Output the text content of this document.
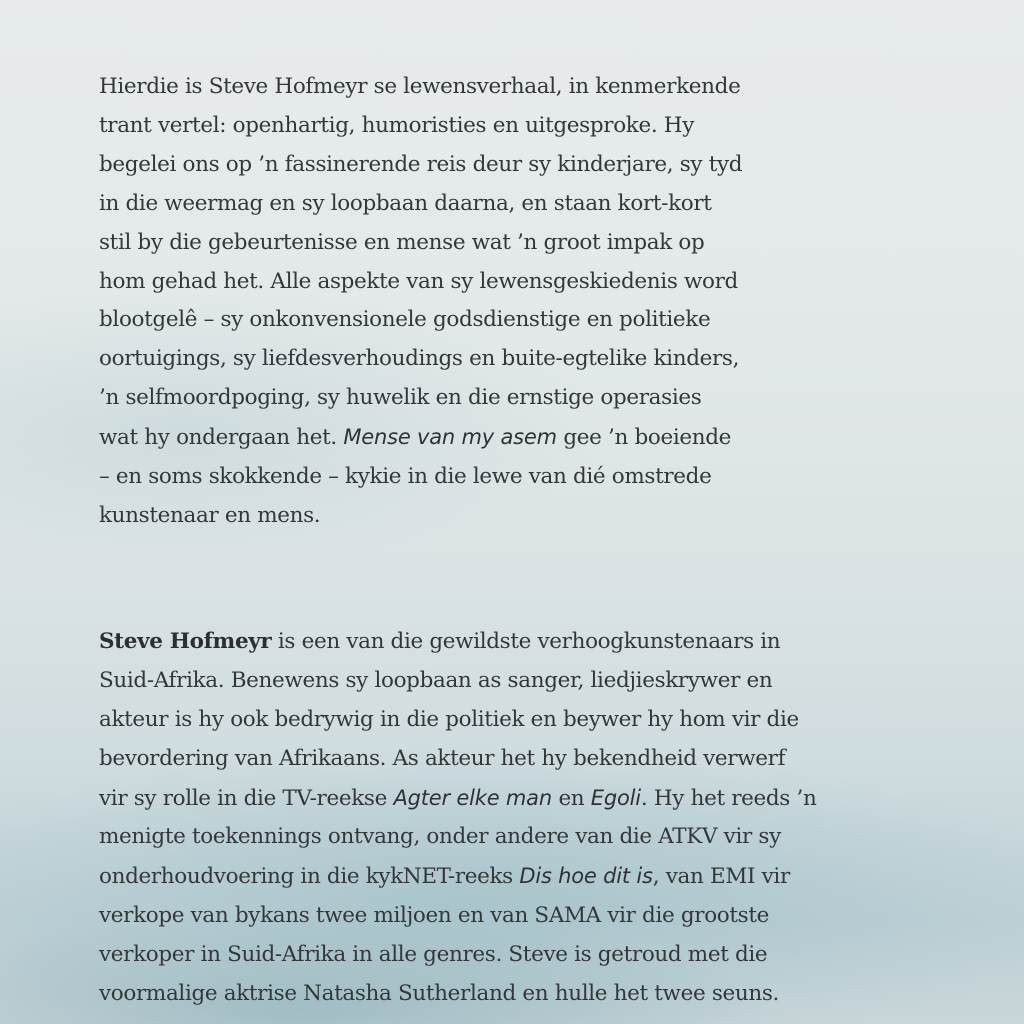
Hierdie is Steve Hofmeyr se lewensverhaal, in kenmerkende
trant vertel: openhartig, humoristies en uitgesproke. Hy
begelei ons op ’n fassinerende reis deur sy kinderjare, sy tyd
in die weermag en sy loopbaan daarna, en staan kort-kort
stil by die gebeurtenisse en mense wat ’n groot impak op
hom gehad het. Alle aspekte van sy lewensgeskiedenis word
blootgelê – sy onkonvensionele godsdienstige en politieke
oortuigings, sy liefdesverhoudings en buite-egtelike kinders,
’n selfmoordpoging, sy huwelik en die ernstige operasies
wat hy ondergaan het. Mense van my asem gee ’n boeiende
– en soms skokkende – kykie in die lewe van dié omstrede
kunstenaar en mens.

Steve Hofmeyr is een van die gewildste verhoogkunstenaars in
Suid-Afrika. Benewens sy loopbaan as sanger, liedjieskrywer en
akteur is hy ook bedrywig in die politiek en beywer hy hom vir die
bevordering van Afrikaans. As akteur het hy bekendheid verwerf
vir sy rolle in die TV-reekse Agter elke man en Egoli. Hy het reeds ’n
menigte toekennings ontvang, onder andere van die ATKV vir sy
onderhoudvoering in die kykNET-reeks Dis hoe dit is, van EMI vir
verkope van bykans twee miljoen en van SAMA vir die grootste
verkoper in Suid-Afrika in alle genres. Steve is getroud met die
voormalige aktrise Natasha Sutherland en hulle het twee seuns.
